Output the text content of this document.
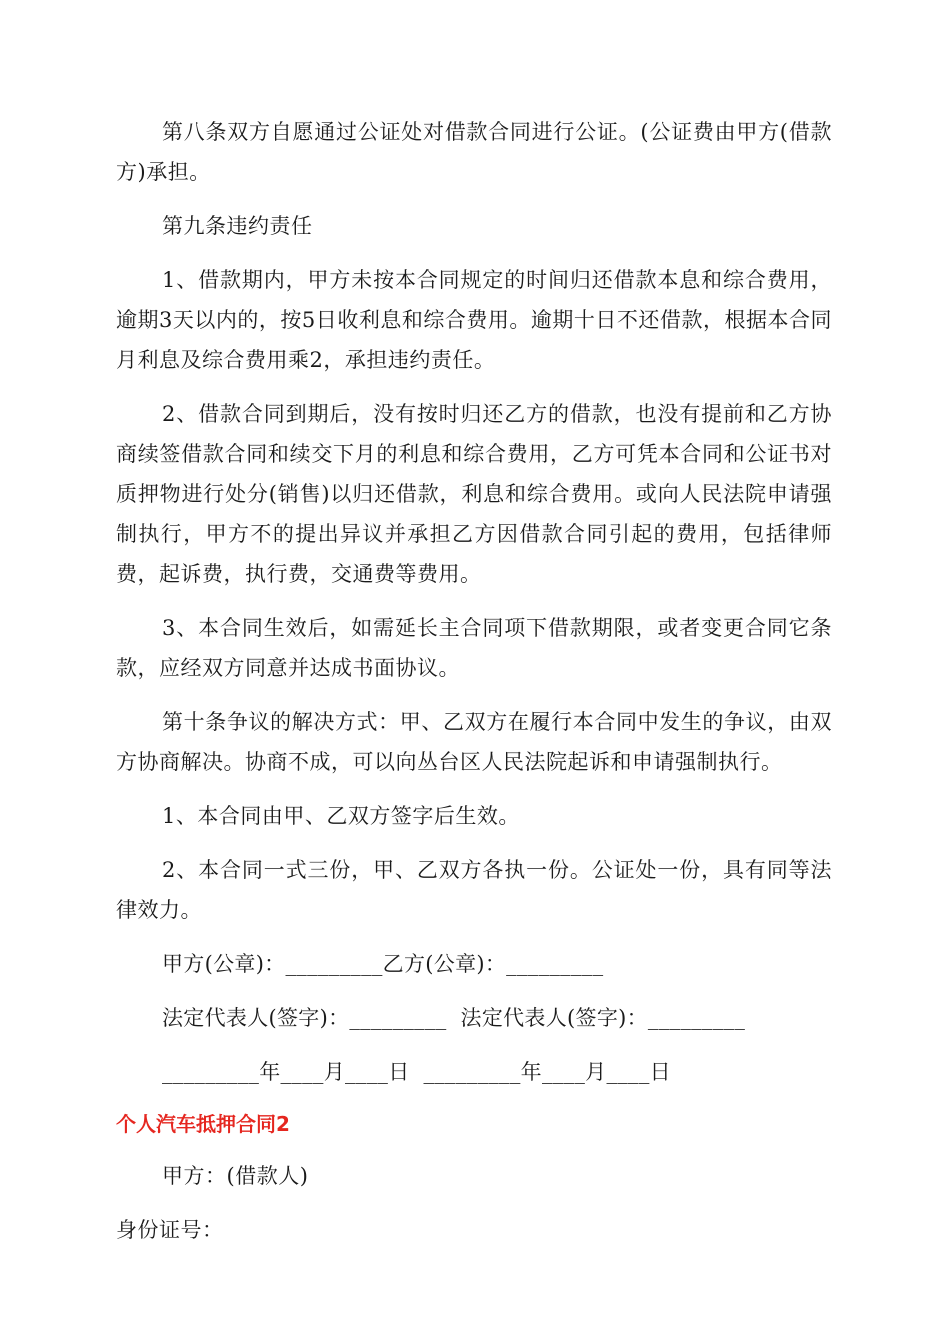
第八条双方自愿通过公证处对借款合同进行公证。(公证费由甲方(借款方)承担。

第九条违约责任

1、借款期内，甲方未按本合同规定的时间归还借款本息和综合费用，逾期3天以内的，按5日收利息和综合费用。逾期十日不还借款，根据本合同月利息及综合费用乘2，承担违约责任。

2、借款合同到期后，没有按时归还乙方的借款，也没有提前和乙方协商续签借款合同和续交下月的利息和综合费用，乙方可凭本合同和公证书对质押物进行处分(销售)以归还借款，利息和综合费用。或向人民法院申请强制执行，甲方不的提出异议并承担乙方因借款合同引起的费用，包括律师费，起诉费，执行费，交通费等费用。

3、本合同生效后，如需延长主合同项下借款期限，或者变更合同它条款，应经双方同意并达成书面协议。

第十条争议的解决方式：甲、乙双方在履行本合同中发生的争议，由双方协商解决。协商不成，可以向丛台区人民法院起诉和申请强制执行。

1、本合同由甲、乙双方签字后生效。

2、本合同一式三份，甲、乙双方各执一份。公证处一份，具有同等法律效力。

甲方(公章)：_________乙方(公章)：_________

法定代表人(签字)：_________  法定代表人(签字)：_________

_________年____月____日  _________年____月____日

个人汽车抵押合同2

甲方：(借款人)

身份证号：
